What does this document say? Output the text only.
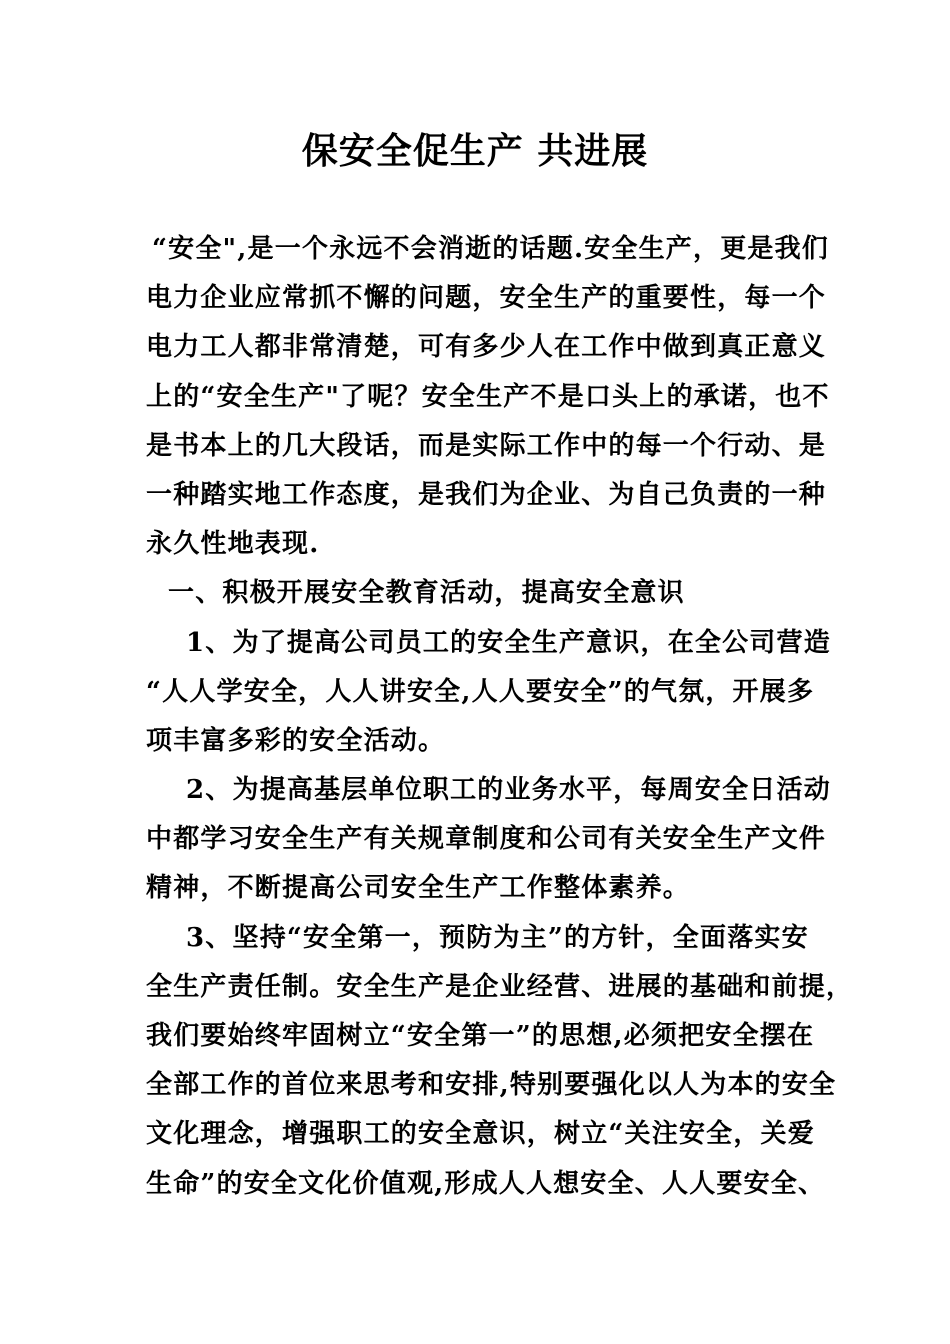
保安全促生产 共进展
“安全",是一个永远不会消逝的话题.安全生产，更是我们
电力企业应常抓不懈的问题，安全生产的重要性，每一个
电力工人都非常清楚，可有多少人在工作中做到真正意义
上的“安全生产"了呢？安全生产不是口头上的承诺，也不
是书本上的几大段话，而是实际工作中的每一个行动、是
一种踏实地工作态度，是我们为企业、为自己负责的一种
永久性地表现.
一、积极开展安全教育活动，提高安全意识
1、为了提高公司员工的安全生产意识，在全公司营造
“人人学安全，人人讲安全,人人要安全”的气氛，开展多
项丰富多彩的安全活动。
2、为提高基层单位职工的业务水平，每周安全日活动
中都学习安全生产有关规章制度和公司有关安全生产文件
精神，不断提高公司安全生产工作整体素养。
3、坚持“安全第一，预防为主”的方针，全面落实安
全生产责任制。安全生产是企业经营、进展的基础和前提，
我们要始终牢固树立“安全第一”的思想,必须把安全摆在
全部工作的首位来思考和安排,特别要强化以人为本的安全
文化理念，增强职工的安全意识，树立“关注安全，关爱
生命”的安全文化价值观,形成人人想安全、人人要安全、
